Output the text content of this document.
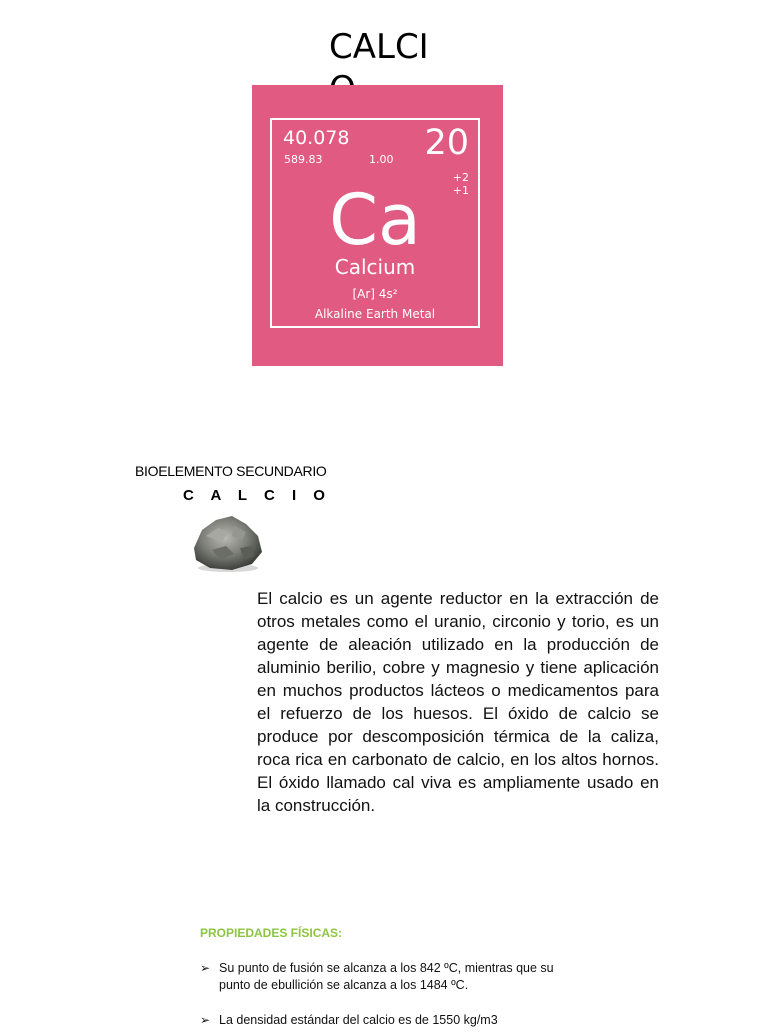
CALCI
40.078
589.83	1.00 20
+2
+1
Ca
Calcium
[Ar] 4s²
Alkaline Earth Metal
BIOELEMENTO SECUNDARIO
C A L C I O
El calcio es un agente reductor en la extracción de otros metales como el uranio, circonio y torio, es un agente de aleación utilizado en la producción de aluminio berilio, cobre y magnesio y tiene aplicación en muchos productos lácteos o medicamentos para el refuerzo de los huesos. El óxido de calcio se produce por descomposición térmica de la caliza, roca rica en carbonato de calcio, en los altos hornos. El óxido llamado cal viva es ampliamente usado en la construcción.
PROPIEDADES FÍSICAS:
➢ Su punto de fusión se alcanza a los 842 ºC, mientras que su punto de ebullición se alcanza a los 1484 ºC.
➢ La densidad estándar del calcio es de 1550 kg/m3
